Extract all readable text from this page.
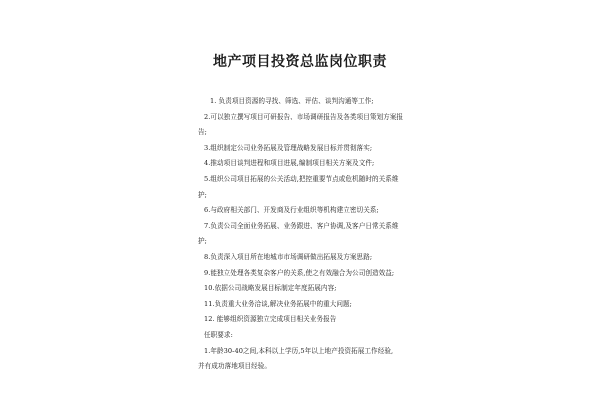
地产项目投资总监岗位职责
1. 负责项目资源的寻找、筛选、评估、谈判沟通等工作;
2.可以独立撰写项目可研报告、市场调研报告及各类项目策划方案报
告;
3.组织制定公司业务拓展及管理战略发展目标并贯彻落实;
4.推动项目谈判进程和项目进展,编制项目相关方案及文件;
5.组织公司项目拓展的公关活动,把控重要节点或危机随时的关系维
护;
6.与政府相关部门、开发商及行业组织等机构建立密切关系;
7.负责公司全面业务拓展、业务跟进、客户协调,及客户日常关系维
护;
8.负责深入项目所在地城市市场调研做出拓展及方案思路;
9.能独立处理各类复杂客户的关系,使之有效融合为公司创造效益;
10.依据公司战略发展目标制定年度拓展内容;
11.负责重大业务洽谈,解决业务拓展中的重大问题;
12. 能够组织资源独立完成项目相关业务报告
任职要求:
1.年龄30-40之间,本科以上学历,5年以上地产投资拓展工作经验,
并有成功落地项目经验。
